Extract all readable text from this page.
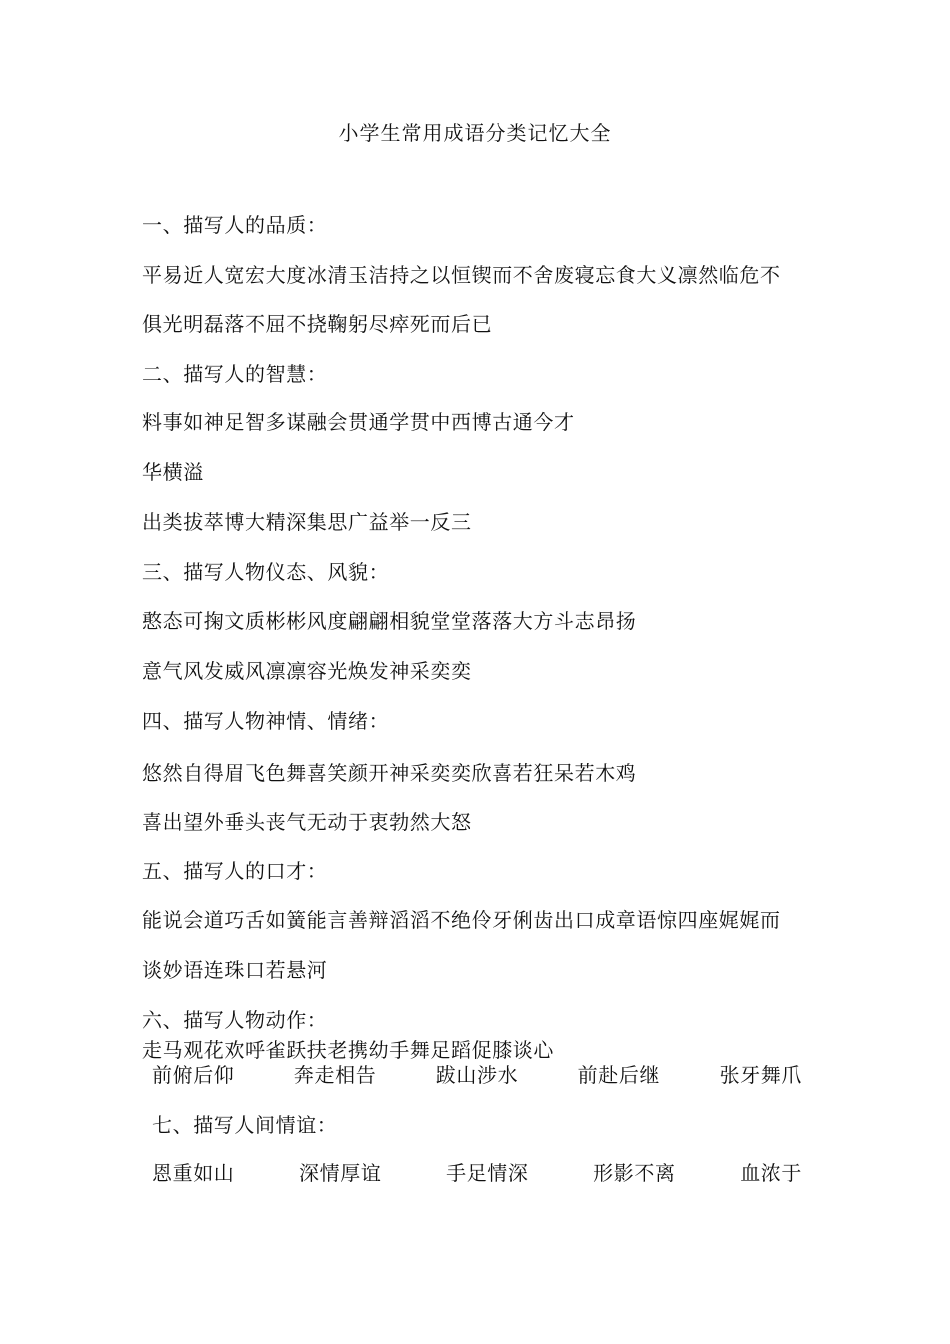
小学生常用成语分类记忆大全
一、描写人的品质：
平易近人宽宏大度冰清玉洁持之以恒锲而不舍废寝忘食大义凛然临危不
俱光明磊落不屈不挠鞠躬尽瘁死而后已
二、描写人的智慧：
料事如神足智多谋融会贯通学贯中西博古通今才
华横溢
出类拔萃博大精深集思广益举一反三
三、描写人物仪态、风貌：
憨态可掬文质彬彬风度翩翩相貌堂堂落落大方斗志昂扬
意气风发威风凛凛容光焕发神采奕奕
四、描写人物神情、情绪：
悠然自得眉飞色舞喜笑颜开神采奕奕欣喜若狂呆若木鸡
喜出望外垂头丧气无动于衷勃然大怒
五、描写人的口才：
能说会道巧舌如簧能言善辩滔滔不绝伶牙俐齿出口成章语惊四座娓娓而
谈妙语连珠口若悬河
六、描写人物动作：
走马观花欢呼雀跃扶老携幼手舞足蹈促膝谈心
前俯后仰	奔走相告	跋山涉水	前赴后继	张牙舞爪
七、描写人间情谊：
恩重如山	深情厚谊	手足情深	形影不离	血浓于
